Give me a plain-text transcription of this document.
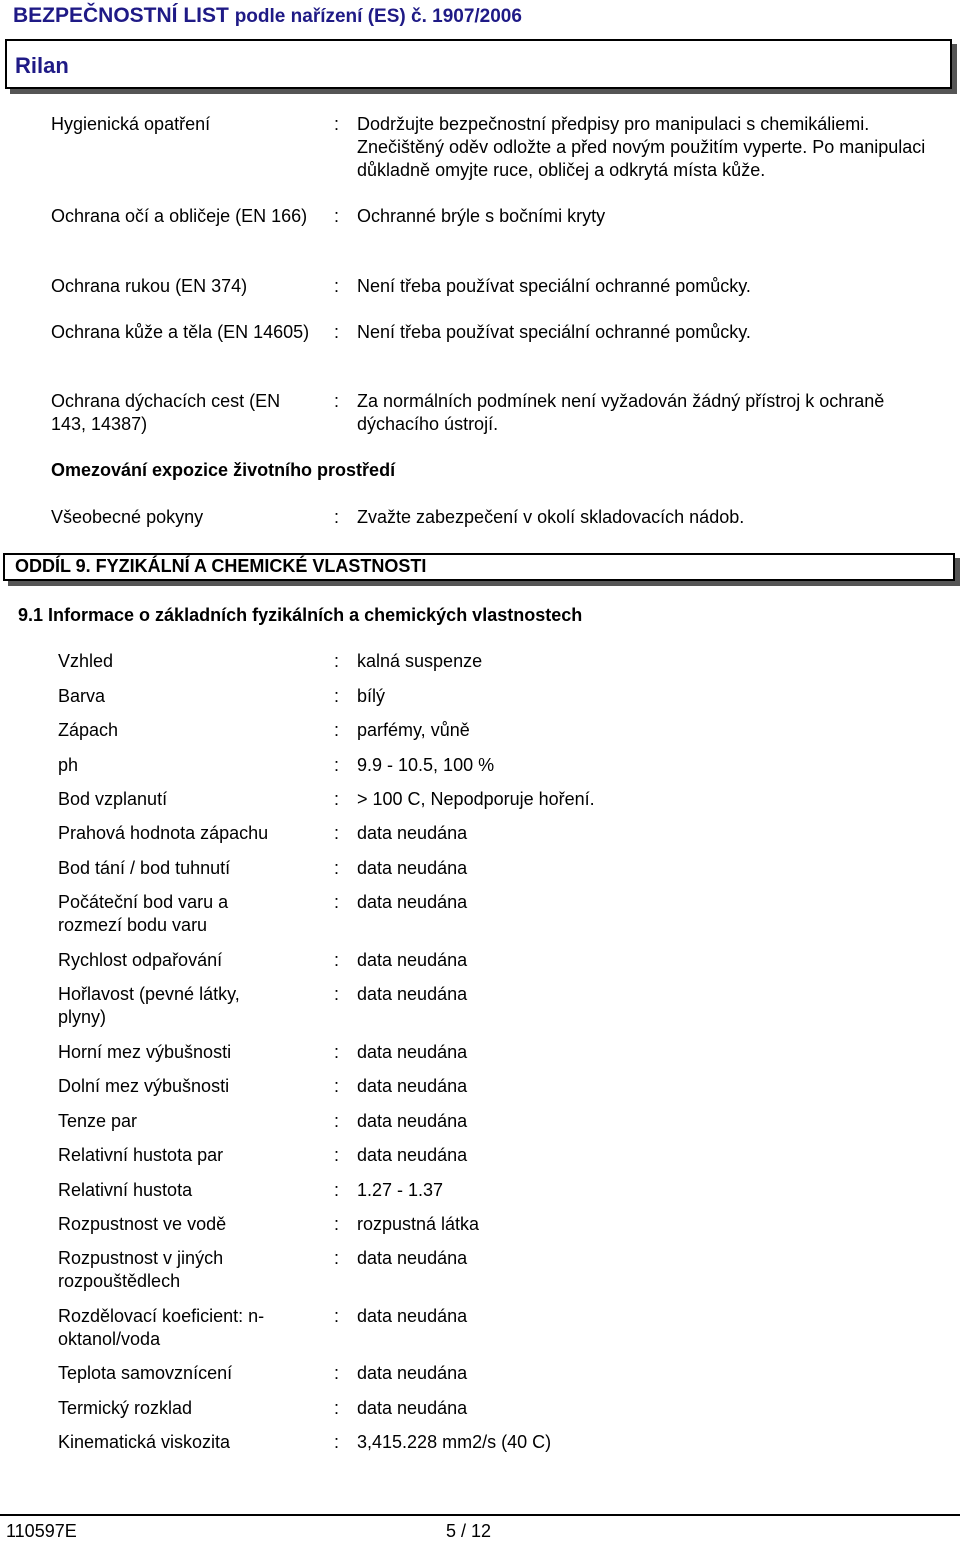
BEZPEČNOSTNÍ LIST podle nařízení (ES) č. 1907/2006
Rilan
Hygienická opatření	: Dodržujte bezpečnostní předpisy pro manipulaci s chemikáliemi. Znečištěný oděv odložte a před novým použitím vyperte. Po manipulaci důkladně omyjte ruce, obličej a odkrytá místa kůže.
Ochrana očí a obličeje (EN 166) : Ochranné brýle s bočními kryty
Ochrana rukou (EN 374)	: Není třeba používat speciální ochranné pomůcky.
Ochrana kůže a těla (EN 14605) : Není třeba používat speciální ochranné pomůcky.
Ochrana dýchacích cest (EN 143, 14387)
: Za normálních podmínek není vyžadován žádný přístroj k ochraně dýchacího ústrojí.
Omezování expozice životního prostředí
Všeobecné pokyny	: Zvažte zabezpečení v okolí skladovacích nádob.
ODDÍL 9. FYZIKÁLNÍ A CHEMICKÉ VLASTNOSTI
9.1 Informace o základních fyzikálních a chemických vlastnostech
Vzhled	: kalná suspenze
Barva	: bílý
Zápach	: parfémy, vůně
ph	: 9.9 - 10.5, 100 %
Bod vzplanutí	: > 100 C, Nepodporuje hoření.
Prahová hodnota zápachu	: data neudána
Bod tání / bod tuhnutí	: data neudána
Počáteční bod varu a rozmezí bodu varu
: data neudána
Rychlost odpařování	: data neudána
Hořlavost (pevné látky, plyny)
: data neudána
Horní mez výbušnosti	: data neudána
Dolní mez výbušnosti	: data neudána
Tenze par	: data neudána
Relativní hustota par	: data neudána
Relativní hustota	: 1.27 - 1.37
Rozpustnost ve vodě	: rozpustná látka
Rozpustnost v jiných rozpouštědlech
: data neudána
Rozdělovací koeficient: n-oktanol/voda
: data neudána
Teplota samovznícení	: data neudána
Termický rozklad	: data neudána
Kinematická viskozita	: 3,415.228 mm2/s (40 C)
110597E	5 / 12
